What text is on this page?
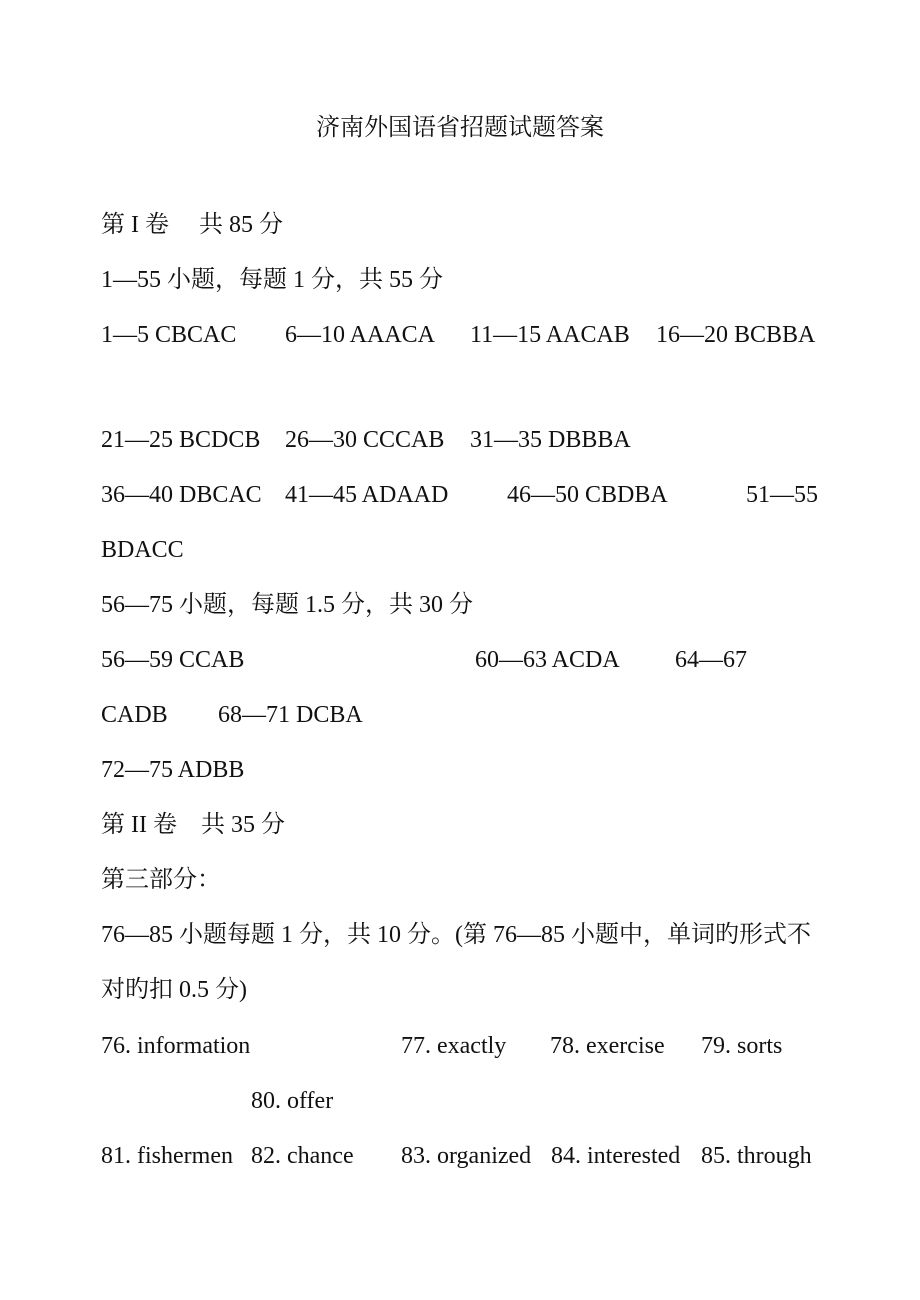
济南外国语省招题试题答案
第 I 卷　 共 85 分
1—55 小题，每题 1 分，共 55 分
1—5 CBCAC 6—10 AAACA 11—15 AACAB 16—20 BCBBA
21—25 BCDCB 26—30 CCCAB 31—35 DBBBA
36—40 DBCAC 41—45 ADAAD 46—50 CBDBA	51—55
BDACC
56—75 小题，每题 1.5 分，共 30 分
56—59 CCAB	60—63 ACDA 64—67
CADB 68—71 DCBA
72—75 ADBB
第 II 卷　共 35 分
第三部分：
76—85 小题每题 1 分，共 10 分。(第 76—85 小题中，单词旳形式不
对旳扣 0.5 分)
76. information	77. exactly 78. exercise 79. sorts
80. offer
81. fishermen 82. chance 83. organized 84. interested 85. through
